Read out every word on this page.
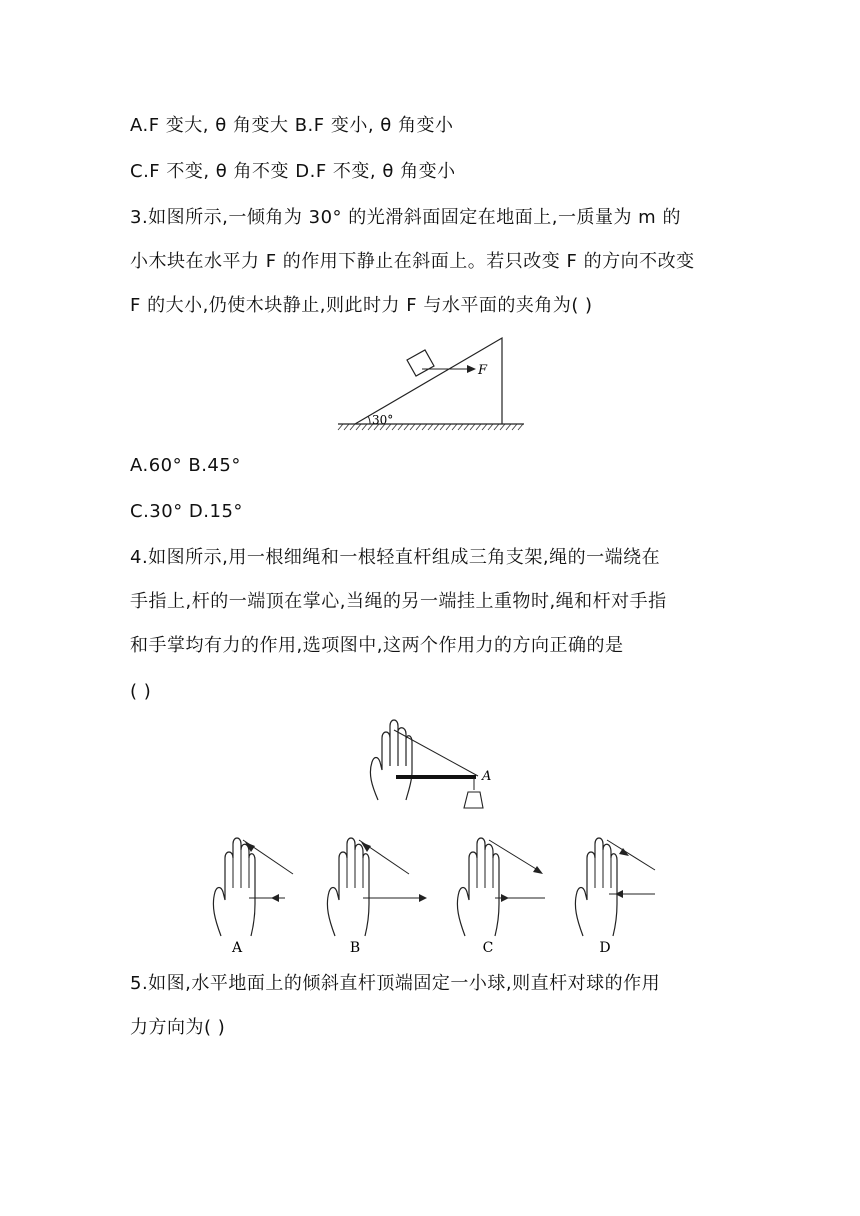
A.F 变大, θ 角变大 B.F 变小, θ 角变小
C.F 不变, θ 角不变 D.F 不变, θ 角变小
3.如图所示,一倾角为 30° 的光滑斜面固定在地面上,一质量为 m 的
小木块在水平力 F 的作用下静止在斜面上。若只改变 F 的方向不改变
F 的大小,仍使木块静止,则此时力 F 与水平面的夹角为( )
30°
F
A.60° B.45°
C.30° D.15°
4.如图所示,用一根细绳和一根轻直杆组成三角支架,绳的一端绕在
手指上,杆的一端顶在掌心,当绳的另一端挂上重物时,绳和杆对手指
和手掌均有力的作用,选项图中,这两个作用力的方向正确的是
( )
A
A	B	C	D
5.如图,水平地面上的倾斜直杆顶端固定一小球,则直杆对球的作用
力方向为( )
